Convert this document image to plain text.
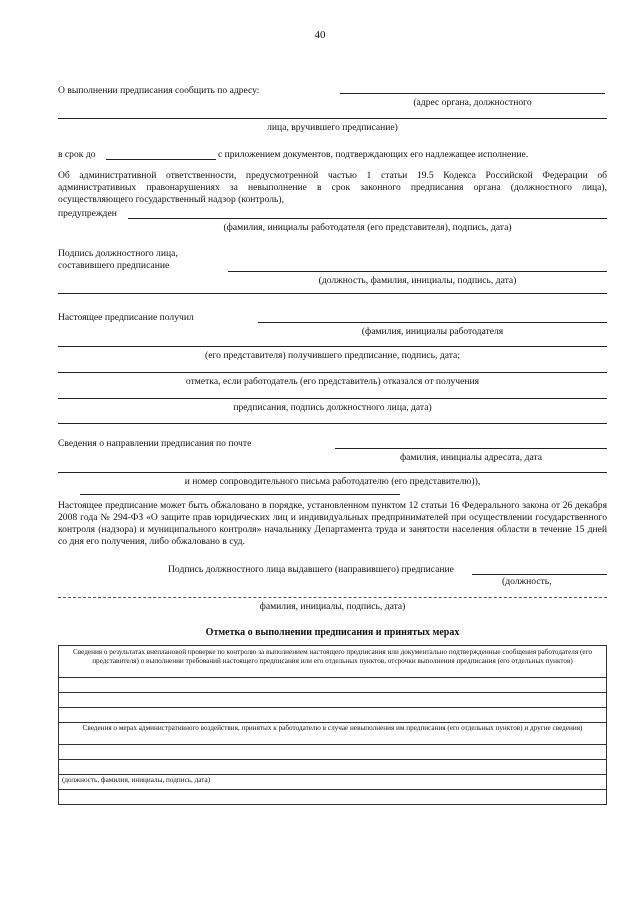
40
О выполнении предписания сообщить по адресу:
(адрес органа, должностного
лица, вручившего предписание)
в срок до	с приложением документов, подтверждающих его надлежащее исполнение.
Об административной ответственности, предусмотренной частью 1 статьи 19.5 Кодекса Российской Федерации об административных правонарушениях за невыполнение в срок законного предписания органа (должностного лица), осуществляющего государственный надзор (контроль),
предупрежден
(фамилия, инициалы работодателя (его представителя), подпись, дата)
Подпись должностного лица,
составившего предписание
(должность, фамилия, инициалы, подпись, дата)
Настоящее предписание получил
(фамилия, инициалы работодателя
(его представителя) получившего предписание, подпись, дата;
отметка, если работодатель (его представитель) отказался от получения
предписания, подпись должностного лица, дата)
Сведения о направлении предписания по почте
фамилия, инициалы адресата, дата
и номер сопроводительного письма работодателю (его представителю)),
Настоящее предписание может быть обжаловано в порядке, установленном пунктом 12 статьи 16 Федерального закона от 26 декабря 2008 года № 294-ФЗ «О защите прав юридических лиц и индивидуальных предпринимателей при осуществлении государственного контроля (надзора) и муниципального контроля» начальнику Департамента труда и занятости населения области в течение 15 дней со дня его получения, либо обжаловано в суд.
Подпись должностного лица выдавшего (направившего) предписание
(должность,
фамилия, инициалы, подпись, дата)
Отметка о выполнении предписания и принятых мерах
Сведения о результатах внеплановой проверке по контролю за выполнением настоящего предписания или документально подтвержденные сообщения работодателя (его представителя) о выполнении требований настоящего предписания или его отдельных пунктов, отсрочки выполнения предписания (его отдельных пунктов)
Сведения о мерах административного воздействия, принятых к работодателю в случае невыполнения им предписания (его отдельных пунктов) и другие сведения)
(должность, фамилия, инициалы, подпись, дата)
